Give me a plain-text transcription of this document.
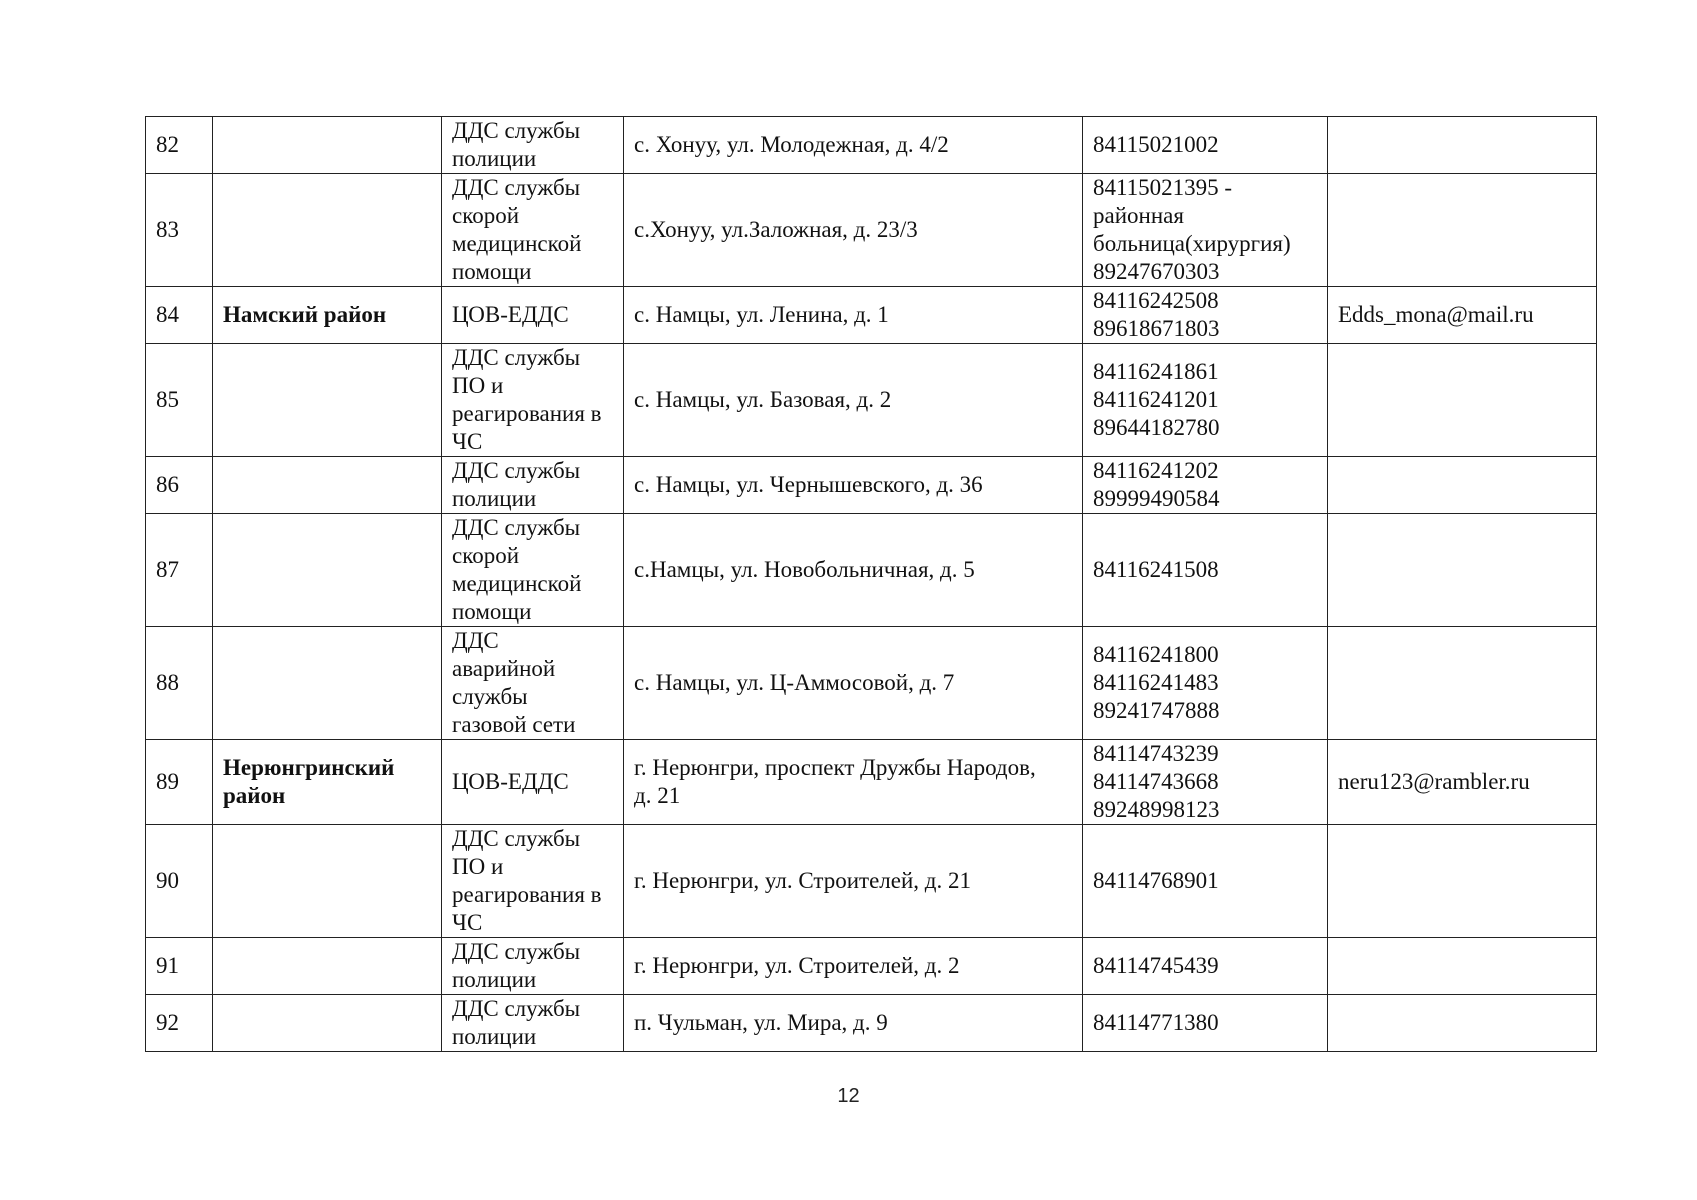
82		ДДС службы
полиции	с. Хонуу, ул. Молодежная, д. 4/2	84115021002	

83		ДДС службы
скорой
медицинской
помощи	с.Хонуу, ул.Заложная, д. 23/3	84115021395 -
районная
больница(хирургия)
89247670303	

84	Намский район	ЦОВ-ЕДДС	с. Намцы, ул. Ленина, д. 1	84116242508
89618671803	Edds_mona@mail.ru
85		ДДС службы
ПО и
реагирования в
ЧС	с. Намцы, ул. Базовая, д. 2	84116241861
84116241201
89644182780	

86		ДДС службы
полиции	с. Намцы, ул. Чернышевского, д. 36	84116241202
89999490584	

87		ДДС службы
скорой
медицинской
помощи	с.Намцы, ул. Новобольничная, д. 5	84116241508	

88		ДДС
аварийной
службы
газовой сети	с. Намцы, ул. Ц-Аммосовой, д. 7	84116241800
84116241483
89241747888	

89	Нерюнгринский район	ЦОВ-ЕДДС	г. Нерюнгри, проспект Дружбы Народов,
д. 21	84114743239
84114743668
89248998123	neru123@rambler.ru
90		ДДС службы
ПО и
реагирования в
ЧС	г. Нерюнгри, ул. Строителей, д. 21	84114768901	

91		ДДС службы
полиции	г. Нерюнгри, ул. Строителей, д. 2	84114745439	

92		ДДС службы
полиции	п. Чульман, ул. Мира, д. 9	84114771380	

12
